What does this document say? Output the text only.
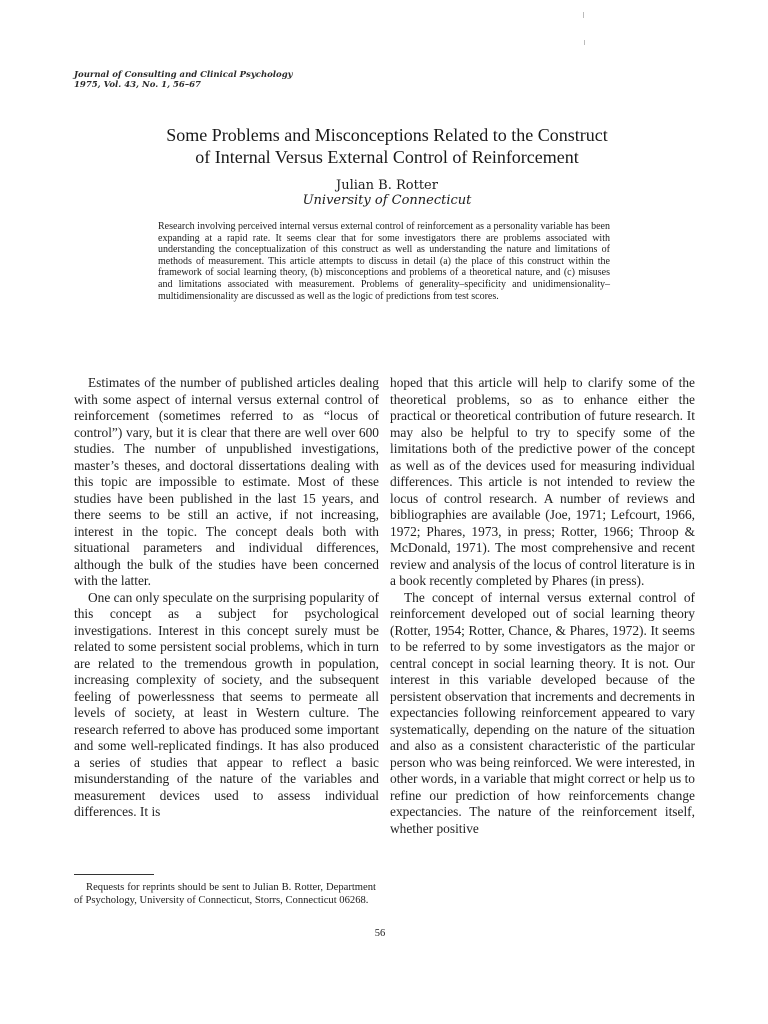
Journal of Consulting and Clinical Psychology
1975, Vol. 43, No. 1, 56–67
Some Problems and Misconceptions Related to the Construct
of Internal Versus External Control of Reinforcement
Julian B. Rotter
University of Connecticut
Research involving perceived internal versus external control of reinforcement as a personality variable has been expanding at a rapid rate. It seems clear that for some investigators there are problems associated with understanding the conceptualization of this construct as well as understanding the nature and limitations of methods of measurement. This article attempts to discuss in detail (a) the place of this construct within the framework of social learning theory, (b) misconceptions and problems of a theoretical nature, and (c) misuses and limitations associated with measurement. Problems of generality–specificity and unidimensionality–multidimensionality are discussed as well as the logic of predictions from test scores.

Estimates of the number of published articles dealing with some aspect of internal versus external control of reinforcement (sometimes referred to as “locus of control”) vary, but it is clear that there are well over 600 studies. The number of unpublished investigations, master’s theses, and doctoral dissertations dealing with this topic are impossible to estimate. Most of these studies have been published in the last 15 years, and there seems to be still an active, if not increasing, interest in the topic. The concept deals both with situational parameters and individual differences, although the bulk of the studies have been concerned with the latter.

One can only speculate on the surprising popularity of this concept as a subject for psychological investigations. Interest in this concept surely must be related to some persistent social problems, which in turn are related to the tremendous growth in population, increasing complexity of society, and the subsequent feeling of powerlessness that seems to permeate all levels of society, at least in Western culture. The research referred to above has produced some important and some well-replicated findings. It has also produced a series of studies that appear to reflect a basic misunderstanding of the nature of the variables and measurement devices used to assess individual differences. It is

hoped that this article will help to clarify some of the theoretical problems, so as to enhance either the practical or theoretical contribution of future research. It may also be helpful to try to specify some of the limitations both of the predictive power of the concept as well as of the devices used for measuring individual differences. This article is not intended to review the locus of control research. A number of reviews and bibliographies are available (Joe, 1971; Lefcourt, 1966, 1972; Phares, 1973, in press; Rotter, 1966; Throop & McDonald, 1971). The most comprehensive and recent review and analysis of the locus of control literature is in a book recently completed by Phares (in press).

The concept of internal versus external control of reinforcement developed out of social learning theory (Rotter, 1954; Rotter, Chance, & Phares, 1972). It seems to be referred to by some investigators as the major or central concept in social learning theory. It is not. Our interest in this variable developed because of the persistent observation that increments and decrements in expectancies following reinforcement appeared to vary systematically, depending on the nature of the situation and also as a consistent characteristic of the particular person who was being reinforced. We were interested, in other words, in a variable that might correct or help us to refine our prediction of how reinforcements change expectancies. The nature of the reinforcement itself, whether positive

Requests for reprints should be sent to Julian B. Rotter, Department of Psychology, University of Connecticut, Storrs, Connecticut 06268.
56
